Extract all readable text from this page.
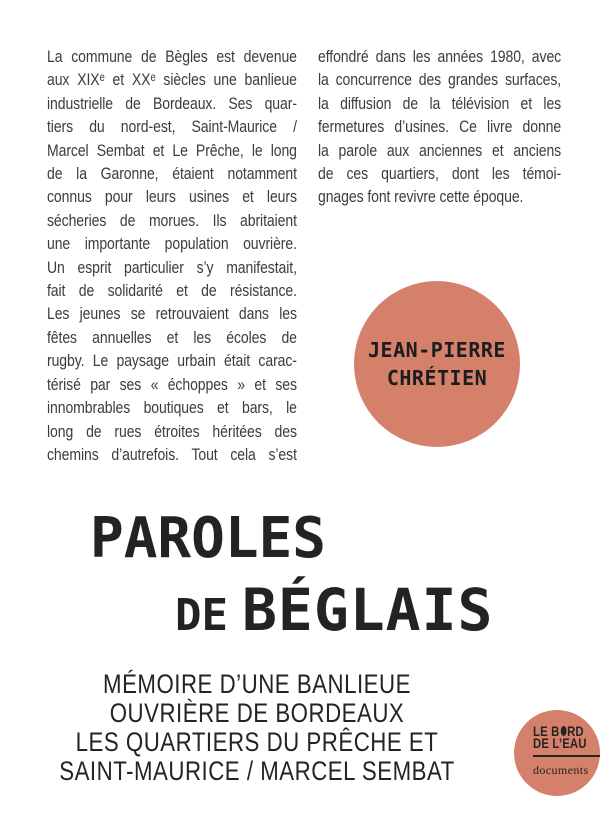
La commune de Bègles est devenue
aux XIXᵉ et XXᵉ siècles une banlieue
industrielle de Bordeaux. Ses quar-
tiers du nord-est, Saint-Maurice /
Marcel Sembat et Le Prêche, le long
de la Garonne, étaient notamment
connus pour leurs usines et leurs
sécheries de morues. Ils abritaient
une importante population ouvrière.
Un esprit particulier s’y manifestait,
fait de solidarité et de résistance.
Les jeunes se retrouvaient dans les
fêtes annuelles et les écoles de
rugby. Le paysage urbain était carac-
térisé par ses « échoppes » et ses
innombrables boutiques et bars, le
long de rues étroites héritées des
chemins d’autrefois. Tout cela s’est
effondré dans les années 1980, avec
la concurrence des grandes surfaces,
la diffusion de la télévision et les
fermetures d’usines. Ce livre donne
la parole aux anciennes et anciens
de ces quartiers, dont les témoi-
gnages font revivre cette époque.
JEAN-PIERRE
CHRÉTIEN
PAROLES
DE BÉGLAIS
MÉMOIRE D’UNE BANLIEUE
OUVRIÈRE DE BORDEAUX
LES QUARTIERS DU PRÊCHE ET
SAINT-MAURICE / MARCEL SEMBAT
LE B RD
DE L’EAU
documents
